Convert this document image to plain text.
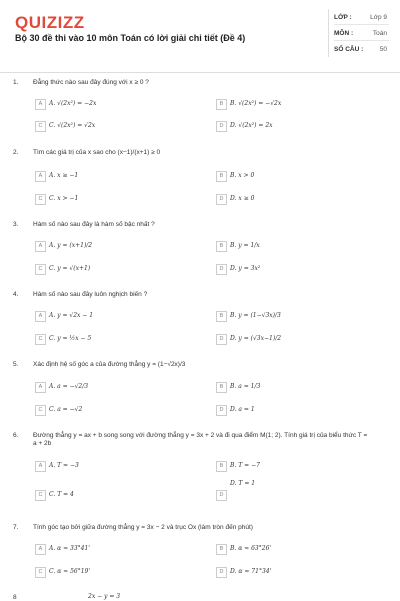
QUIZIZZ
Bộ 30 đề thi vào 10 môn Toán có lời giải chi tiết (Đề 4)
LỚP :	Lớp 9
MÔN :	Toán
SỐ CÂU :	50
1. Đẳng thức nào sau đây đúng với x ≥ 0 ?
A	A. √(2x²) = −2x	B	B. √(2x²) = −√2x
C	C. √(2x²) = √2x	D	D. √(2x²) = 2x
2. Tìm các giá trị của x sao cho (x−1)/(x+1) ≥ 0
A	A. x ≥ −1	B	B. x > 0
C	C. x > −1	D	D. x ≥ 0
3. Hàm số nào sau đây là hàm số bậc nhất ?
A	A. y = (x+1)/2	B	B. y = 1/x
C	C. y = √(x+1)	D	D. y = 3x²
4. Hàm số nào sau đây luôn nghịch biến ?
A	A. y = √2x − 1	B	B. y = (1−√3x)/3
C	C. y = ½x − 5	D	D. y = (√3x−1)/2
5. Xác định hệ số góc a của đường thẳng y = (1−√2x)/3
A	A. a = −√2/3	B	B. a = 1/3
C	C. a = −√2	D	D. a = 1
6. Đường thẳng y = ax + b song song với đường thẳng y = 3x + 2 và đi qua điểm M(1; 2). Tính giá trị của biểu thức T = a + 2b
A	A. T = −3	B	B. T = −7
C	C. T = 4	D
D. T = 1
7. Tính góc tạo bởi giữa đường thẳng y = 3x − 2 và trục Ox (làm tròn đến phút)
A	A. α ≈ 33°41'	B	B. α ≈ 63°26'
C	C. α ≈ 56°19'	D	D. α ≈ 71°34'
8	2x − y = 3
